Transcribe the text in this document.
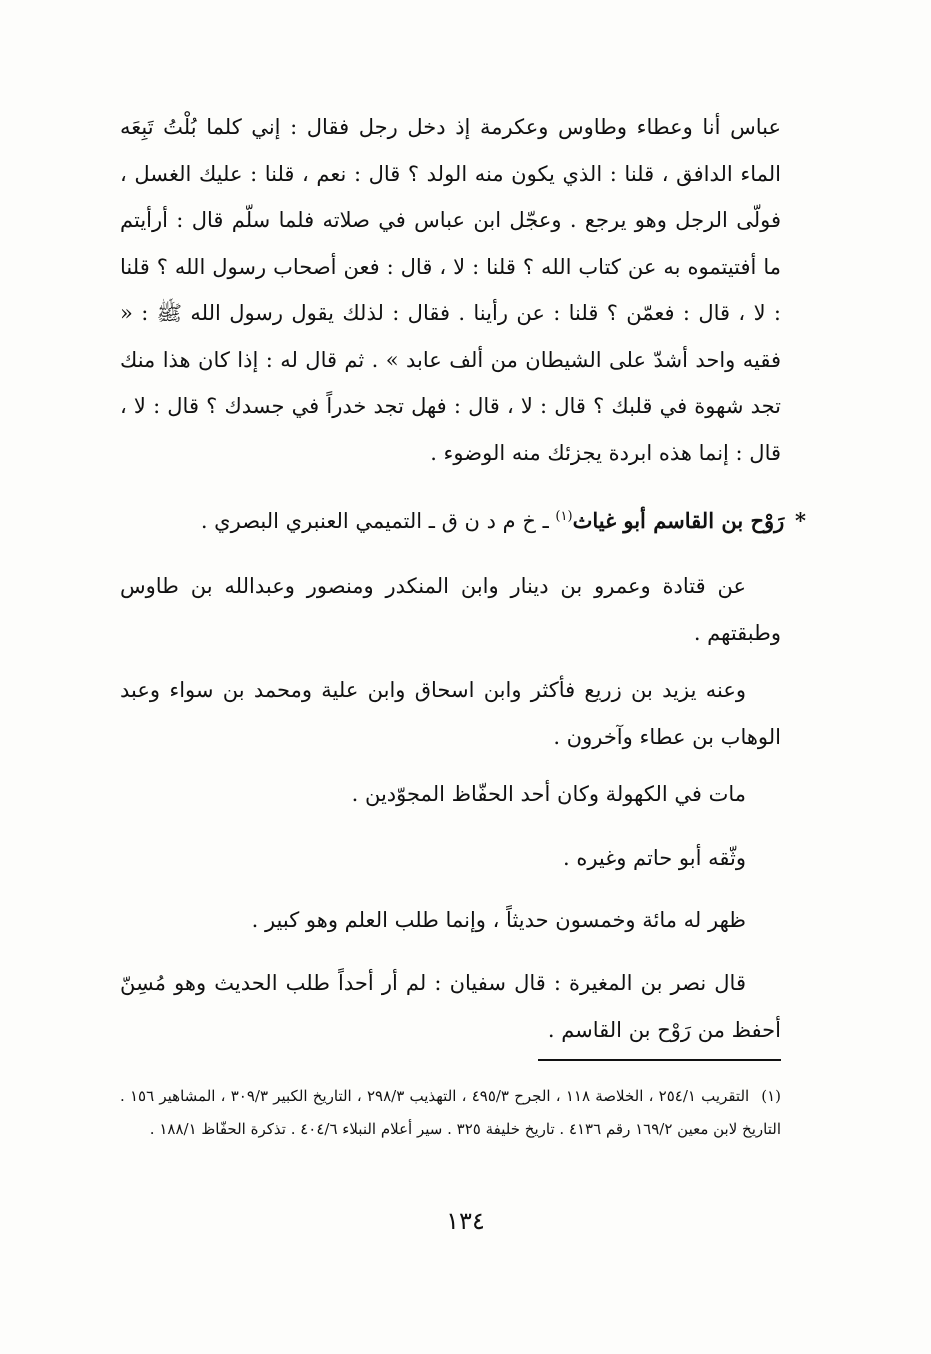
عباس أنا وعطاء وطاوس وعكرمة إذ دخل رجل فقال : إني كلما بُلْتُ تَبِعَه الماء الدافق ، قلنا : الذي يكون منه الولد ؟ قال : نعم ، قلنا : عليك الغسل ، فولّى الرجل وهو يرجع . وعجّل ابن عباس في صلاته فلما سلّم قال : أرأيتم ما أفتيتموه به عن كتاب الله ؟ قلنا : لا ، قال : فعن أصحاب رسول الله ؟ قلنا : لا ، قال : فعمّن ؟ قلنا : عن رأينا . فقال : لذلك يقول رسول الله ﷺ : « فقيه واحد أشدّ على الشيطان من ألف عابد » . ثم قال له : إذا كان هذا منك تجد شهوة في قلبك ؟ قال : لا ، قال : فهل تجد خدراً في جسدك ؟ قال : لا ، قال : إنما هذه ابردة يجزئك منه الوضوء .
* رَوْح بن القاسم أبو غياث$^{(١)}$ ـ خ م د ن ق ـ التميمي العنبري البصري .
عن قتادة وعمرو بن دينار وابن المنكدر ومنصور وعبدالله بن طاوس وطبقتهم .
وعنه يزيد بن زريع فأكثر وابن اسحاق وابن علية ومحمد بن سواء وعبد الوهاب بن عطاء وآخرون .
مات في الكهولة وكان أحد الحفّاظ المجوّدين .
وثّقه أبو حاتم وغيره .
ظهر له مائة وخمسون حديثاً ، وإنما طلب العلم وهو كبير .
قال نصر بن المغيرة : قال سفيان : لم أر أحداً طلب الحديث وهو مُسِنّ أحفظ من رَوْح بن القاسم .
(١)التقريب ٢٥٤/١ ، الخلاصة ١١٨ ، الجرح ٤٩٥/٣ ، التهذيب ٢٩٨/٣ ، التاريخ الكبير ٣٠٩/٣ ، المشاهير ١٥٦ . التاريخ لابن معين ١٦٩/٢ رقم ٤١٣٦ . تاريخ خليفة ٣٢٥ . سير أعلام النبلاء ٤٠٤/٦ . تذكرة الحفّاظ ١٨٨/١ .
١٣٤
